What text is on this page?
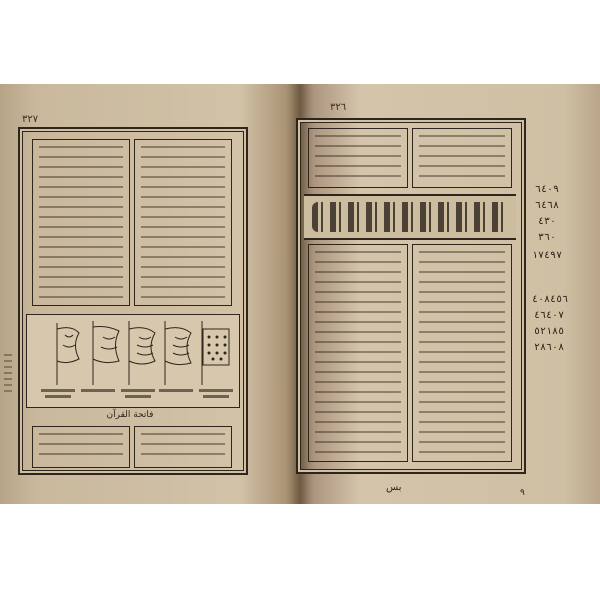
٣٢٧
فاتحة القرآن
٣٢٦
٦٤٠٩
٦٤٦٨
٤٣٠
٣٦٠
١٧٤٩٧
٤٠٨٤٥٦
٤٦٤٠٧
٥٢١٨٥
٢٨٦٠٨
بس	٩
